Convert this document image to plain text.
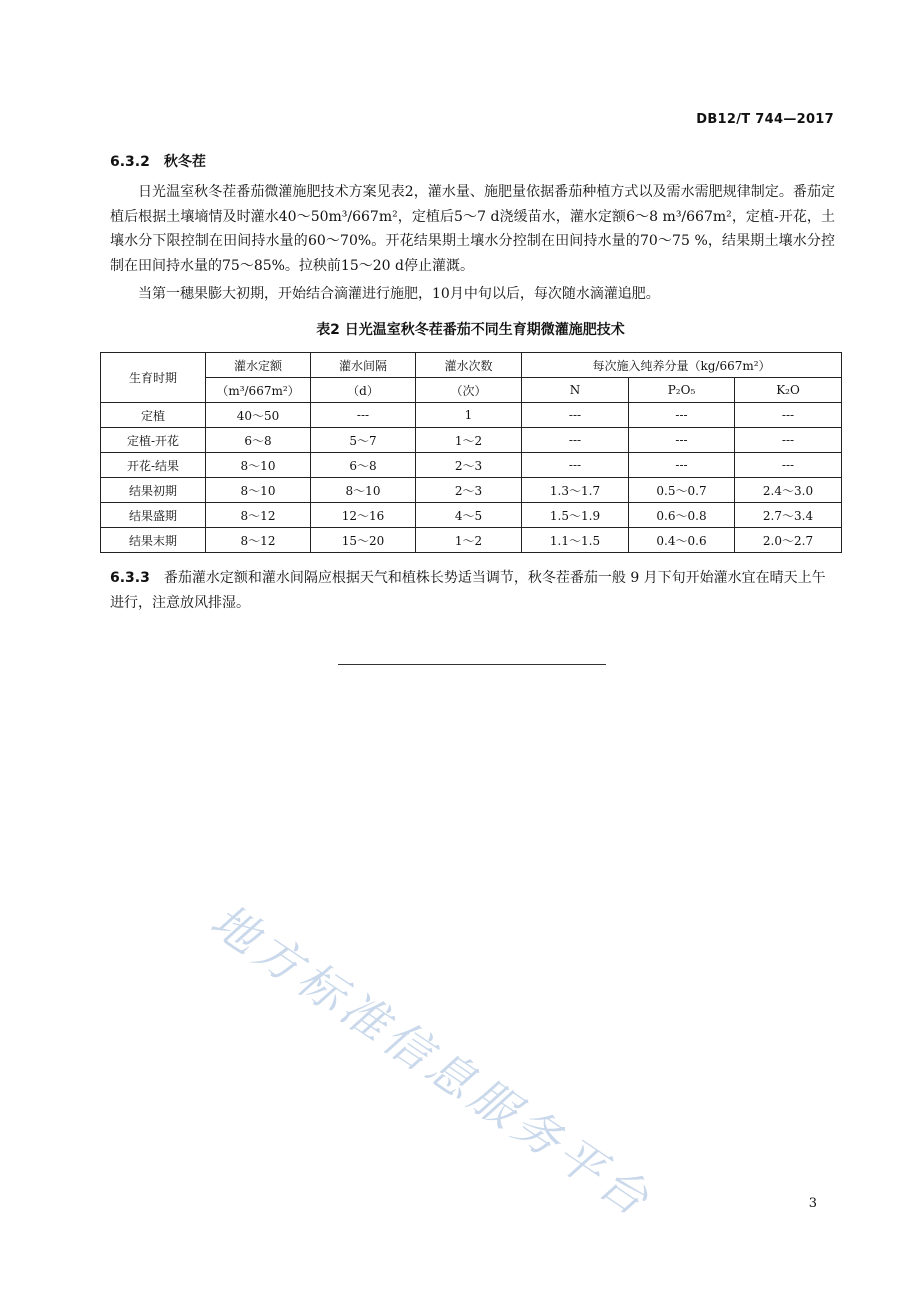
DB12/T 744—2017
6.3.2 秋冬茬

日光温室秋冬茬番茄微灌施肥技术方案见表2，灌水量、施肥量依据番茄种植方式以及需水需肥规律制定。番茄定植后根据土壤墒情及时灌水40～50m³/667m²，定植后5～7 d浇缓苗水，灌水定额6～8 m³/667m²，定植-开花，土壤水分下限控制在田间持水量的60～70%。开花结果期土壤水分控制在田间持水量的70～75 %，结果期土壤水分控制在田间持水量的75～85%。拉秧前15～20 d停止灌溉。

当第一穗果膨大初期，开始结合滴灌进行施肥，10月中旬以后，每次随水滴灌追肥。

表2 日光温室秋冬茬番茄不同生育期微灌施肥技术
生育时期	灌水定额	灌水间隔	灌水次数	每次施入纯养分量（kg/667m²）		
	（m³/667m²）	（d）	（次）	N	P₂O₅	K₂O
定植	40～50	---	1	---	---	---
定植-开花	6～8	5～7	1～2	---	---	---
开花-结果	8～10	6～8	2～3	---	---	---
结果初期	8～10	8～10	2～3	1.3～1.7	0.5～0.7	2.4～3.0
结果盛期	8～12	12～16	4～5	1.5～1.9	0.6～0.8	2.7～3.4
结果末期	8～12	15～20	1～2	1.1～1.5	0.4～0.6	2.0～2.7

6.3.3 番茄灌水定额和灌水间隔应根据天气和植株长势适当调节，秋冬茬番茄一般 9 月下旬开始灌水宜在晴天上午进行，注意放风排湿。

地方标准信息服务平台	3
